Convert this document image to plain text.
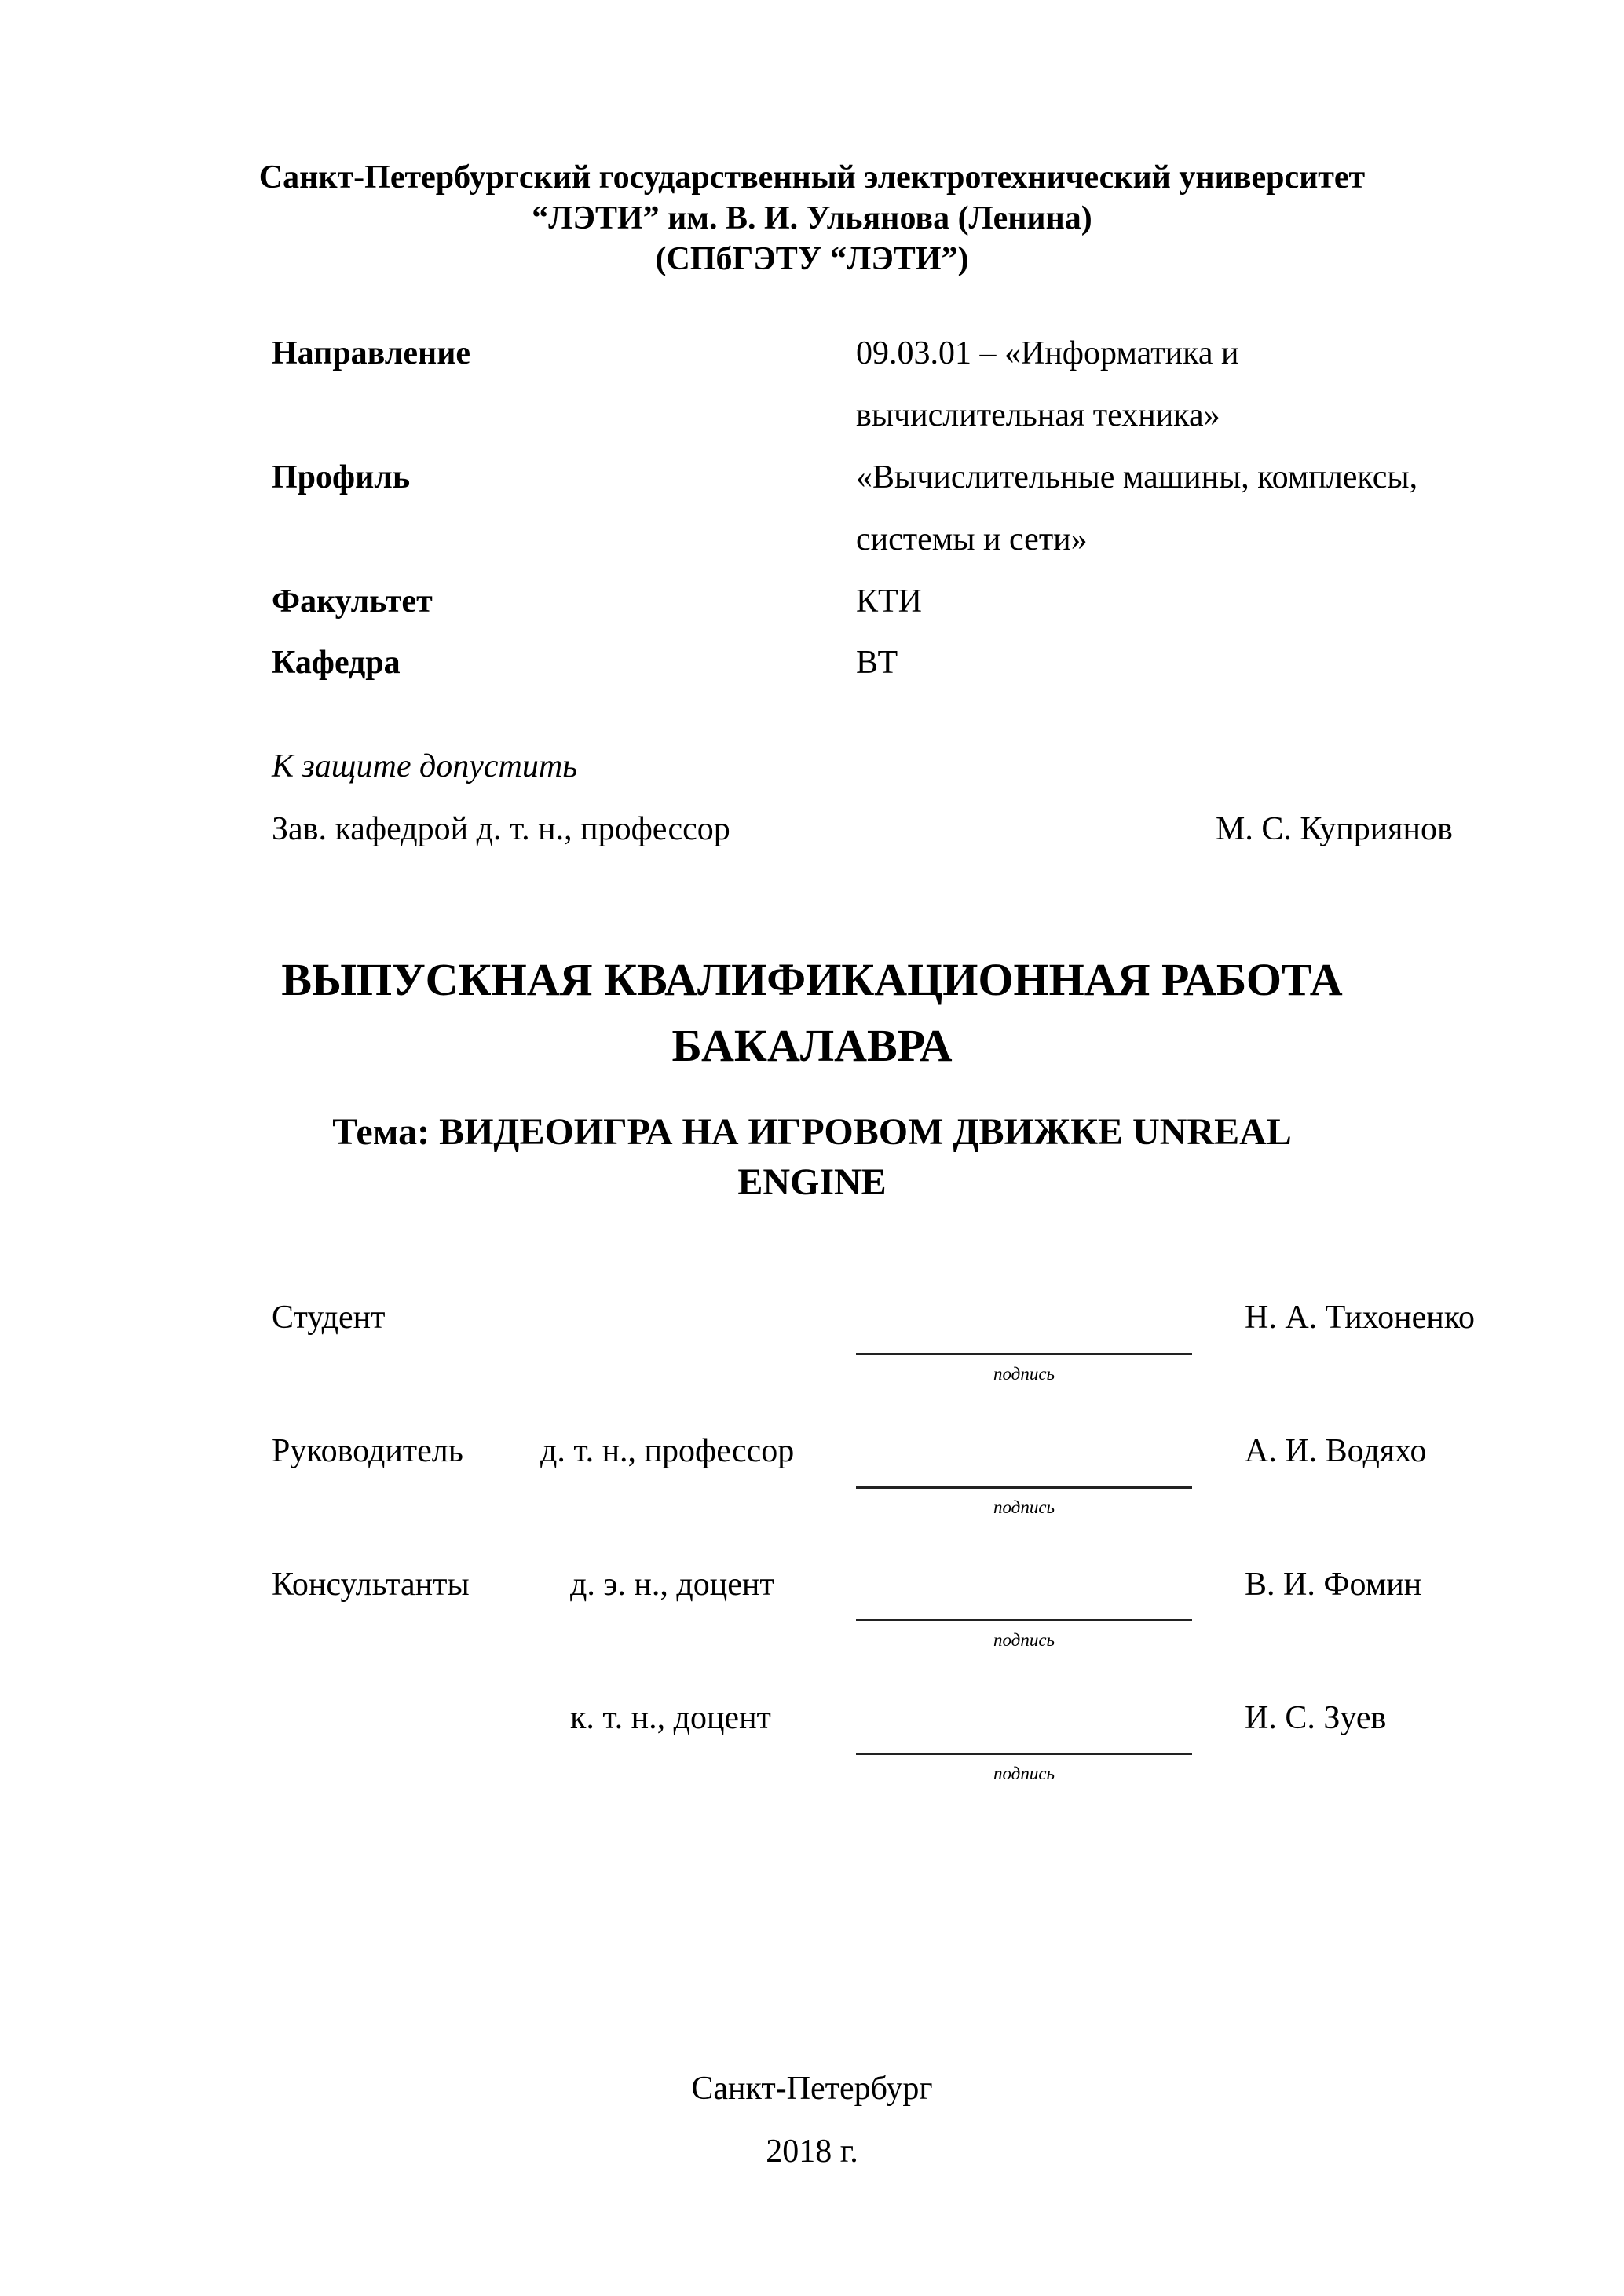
Санкт-Петербургский государственный электротехнический университет
“ЛЭТИ” им. В. И. Ульянова (Ленина)
(СПбГЭТУ “ЛЭТИ”)
Направление	09.03.01 – «Информатика и
вычислительная техника»
Профиль	«Вычислительные машины, комплексы,
системы и сети»
Факультет	КТИ
Кафедра	ВТ
К защите допустить
Зав. кафедрой д. т. н., профессор	М. С. Куприянов
ВЫПУСКНАЯ КВАЛИФИКАЦИОННАЯ РАБОТА
БАКАЛАВРА
Тема: ВИДЕОИГРА НА ИГРОВОМ ДВИЖКЕ UNREAL
ENGINE
Студент	Н. А. Тихоненко
подпись
Руководитель д. т. н., профессор	А. И. Водяхо
подпись
Консультанты	д. э. н., доцент	В. И. Фомин
подпись
к. т. н., доцент	И. С. Зуев
подпись
Санкт-Петербург
2018 г.
